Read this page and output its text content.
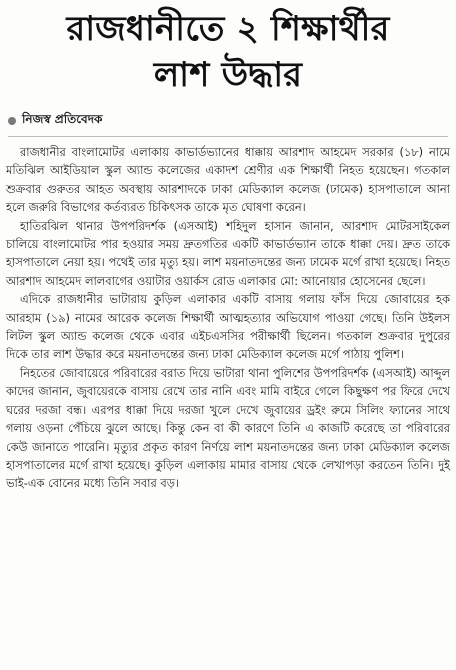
রাজধানীতে ২ শিক্ষার্থীর
লাশ উদ্ধার
নিজস্ব প্রতিবেদক

রাজধানীর বাংলামোটর এলাকায় কাভার্ডভ্যানের ধাক্কায় আরশাদ আহমেদ সরকার (১৮) নামে মতিঝিল আইডিয়াল স্কুল অ্যান্ড কলেজের একাদশ শ্রেণীর এক শিক্ষার্থী নিহত হয়েছেন। গতকাল শুক্রবার গুরুতর আহত অবস্থায় আরশাদকে ঢাকা মেডিক্যাল কলেজ (ঢামেক) হাসপাতালে আনা হলে জরুরি বিভাগের কর্তব্যরত চিকিৎসক তাকে মৃত ঘোষণা করেন।

হাতিরঝিল থানার উপপরিদর্শক (এসআই) শহিদুল হাসান জানান, আরশাদ মোটরসাইকেল চালিয়ে বাংলামোটর পার হওয়ার সময় দ্রুতগতির একটি কাভার্ডভ্যান তাকে ধাক্কা দেয়। দ্রুত তাকে হাসপাতালে নেয়া হয়। পথেই তার মৃত্যু হয়। লাশ ময়নাতদন্তের জন্য ঢামেক মর্গে রাখা হয়েছে। নিহত আরশাদ আহমেদ লালবাগের ওয়াটার ওয়ার্কস রোড এলাকার মো: আনোয়ার হোসেনের ছেলে।

এদিকে রাজধানীর ভাটারায় কুড়িল এলাকার একটি বাসায় গলায় ফাঁস দিয়ে জোবায়ের হক আরহাম (১৯) নামের আরেক কলেজ শিক্ষার্থী আত্মহত্যার অভিযোগ পাওয়া গেছে। তিনি উইলস লিটল স্কুল অ্যান্ড কলেজ থেকে এবার এইচএসসির পরীক্ষার্থী ছিলেন। গতকাল শুক্রবার দুপুরের দিকে তার লাশ উদ্ধার করে ময়নাতদন্তের জন্য ঢাকা মেডিক্যাল কলেজ মর্গে পাঠায় পুলিশ।

নিহতের জোবায়েরে পরিবারের বরাত দিয়ে ভাটারা থানা পুলিশের উপপরিদর্শক (এসআই) আব্দুল কাদের জানান, জুবায়েরকে বাসায় রেখে তার নানি এবং মামি বাইরে গেলে কিছুক্ষণ পর ফিরে দেখে ঘরের দরজা বন্ধ। এরপর ধাক্কা দিয়ে দরজা খুলে দেখে জুবায়ের ড্রইং রুমে সিলিং ফ্যানের সাথে গলায় ওড়না পেঁচিয়ে ঝুলে আছে। কিন্তু কেন বা কী কারণে তিনি এ কাজটি করেছে তা পরিবারের কেউ জানাতে পারেনি। মৃত্যুর প্রকৃত কারণ নির্ণয়ে লাশ ময়নাতদন্তের জন্য ঢাকা মেডিক্যাল কলেজ হাসপাতালের মর্গে রাখা হয়েছে। কুড়িল এলাকায় মামার বাসায় থেকে লেখাপড়া করতেন তিনি। দুই ভাই-এক বোনের মধ্যে তিনি সবার বড়।
